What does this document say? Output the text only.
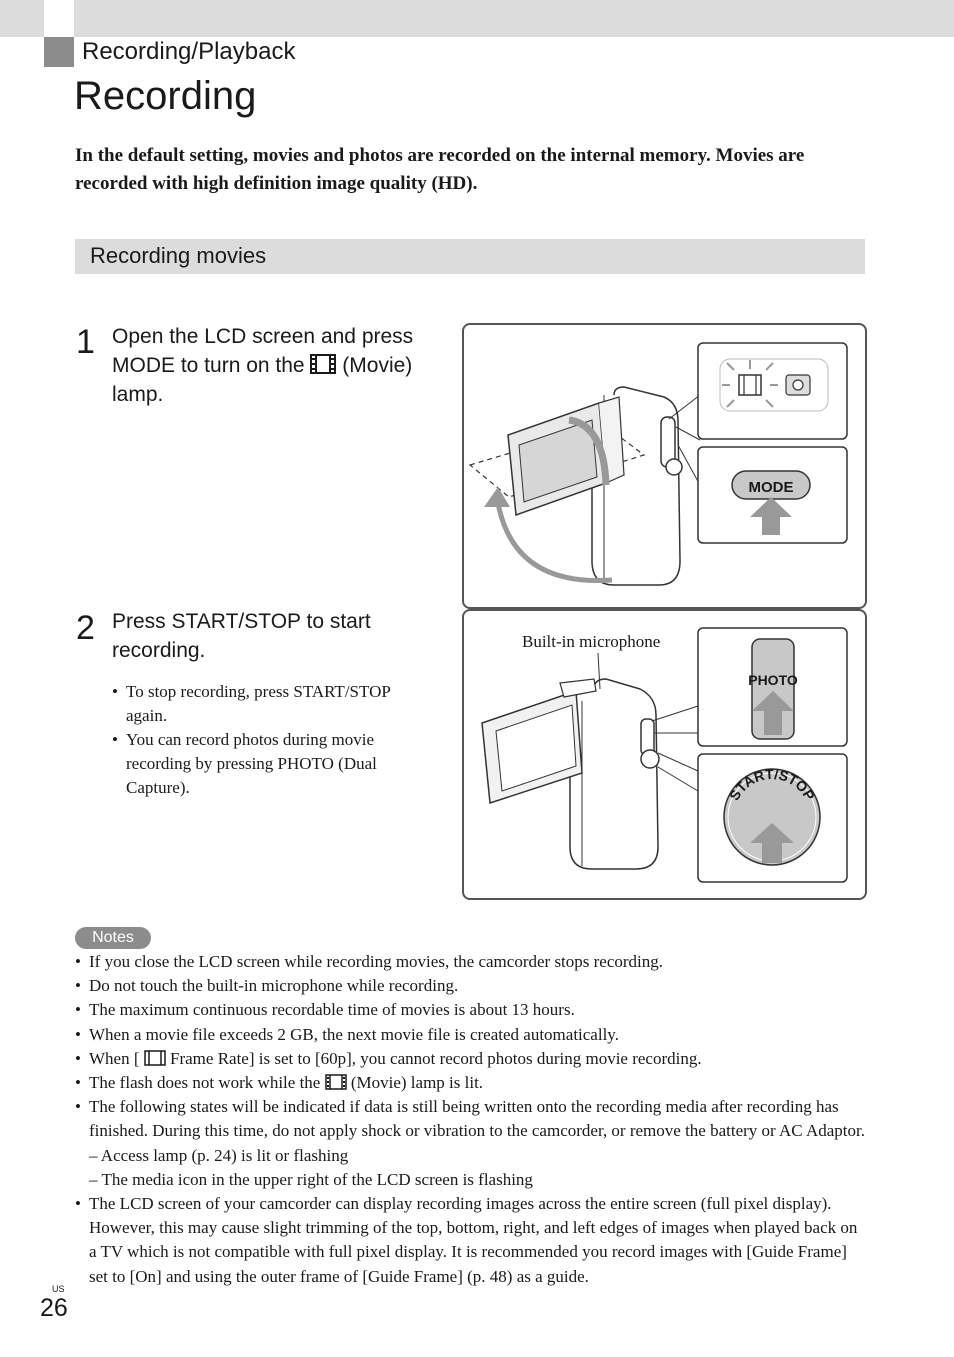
Recording/Playback
Recording

In the default setting, movies and photos are recorded on the internal memory. Movies are recorded with high definition image quality (HD).

Recording movies
1 Open the LCD screen and press MODE to turn on the (Movie) lamp.
MODE
2 Press START/STOP to start recording.
• To stop recording, press START/STOP again.
• You can record photos during movie recording by pressing PHOTO (Dual Capture).
PHOTO
START/STOP
Built-in microphone
Notes
• If you close the LCD screen while recording movies, the camcorder stops recording.
• Do not touch the built-in microphone while recording.
• The maximum continuous recordable time of movies is about 13 hours.
• When a movie file exceeds 2 GB, the next movie file is created automatically.
• When [ Frame Rate] is set to [60p], you cannot record photos during movie recording.
• The flash does not work while the (Movie) lamp is lit.
• The following states will be indicated if data is still being written onto the recording media after recording has finished. During this time, do not apply shock or vibration to the camcorder, or remove the battery or AC Adaptor.
– Access lamp (p. 24) is lit or flashing
– The media icon in the upper right of the LCD screen is flashing
• The LCD screen of your camcorder can display recording images across the entire screen (full pixel display). However, this may cause slight trimming of the top, bottom, right, and left edges of images when played back on a TV which is not compatible with full pixel display. It is recommended you record images with [Guide Frame] set to [On] and using the outer frame of [Guide Frame] (p. 48) as a guide.
US
26
